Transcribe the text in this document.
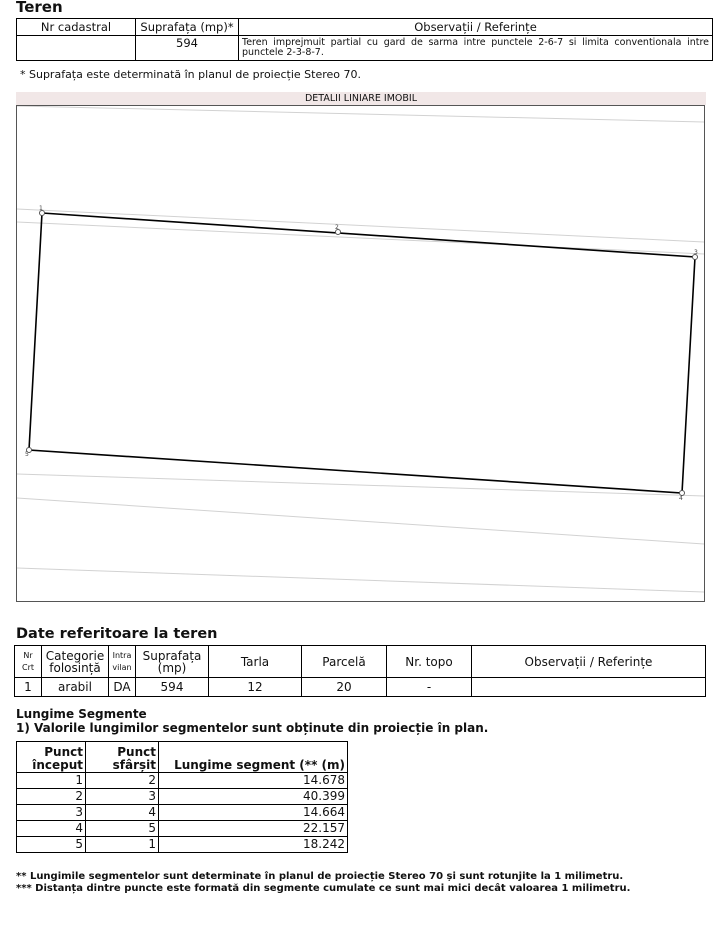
Teren
Nr cadastral	Suprafața (mp)*	Observații / Referințe
	594	Teren imprejmuit partial cu gard de sarma intre punctele 2-6-7 si limita conventionala intre punctele 2-3-8-7.
* Suprafața este determinată în planul de proiecție Stereo 70.
DETALII LINIARE IMOBIL
1
2
3
4
5
Date referitoare la teren
Nr Crt	Categorie folosință	Intra vilan	Suprafața (mp)	Tarla	Parcelă	Nr. topo	Observații / Referințe
1	arabil	DA	594	12	20	-	
Lungime Segmente
1) Valorile lungimilor segmentelor sunt obținute din proiecție în plan.
Punct început	Punct sfârșit	Lungime segment (** (m)
1	2	14.678
2	3	40.399
3	4	14.664
4	5	22.157
5	1	18.242
** Lungimile segmentelor sunt determinate în planul de proiecție Stereo 70 și sunt rotunjite la 1 milimetru.
*** Distanța dintre puncte este formată din segmente cumulate ce sunt mai mici decât valoarea 1 milimetru.
